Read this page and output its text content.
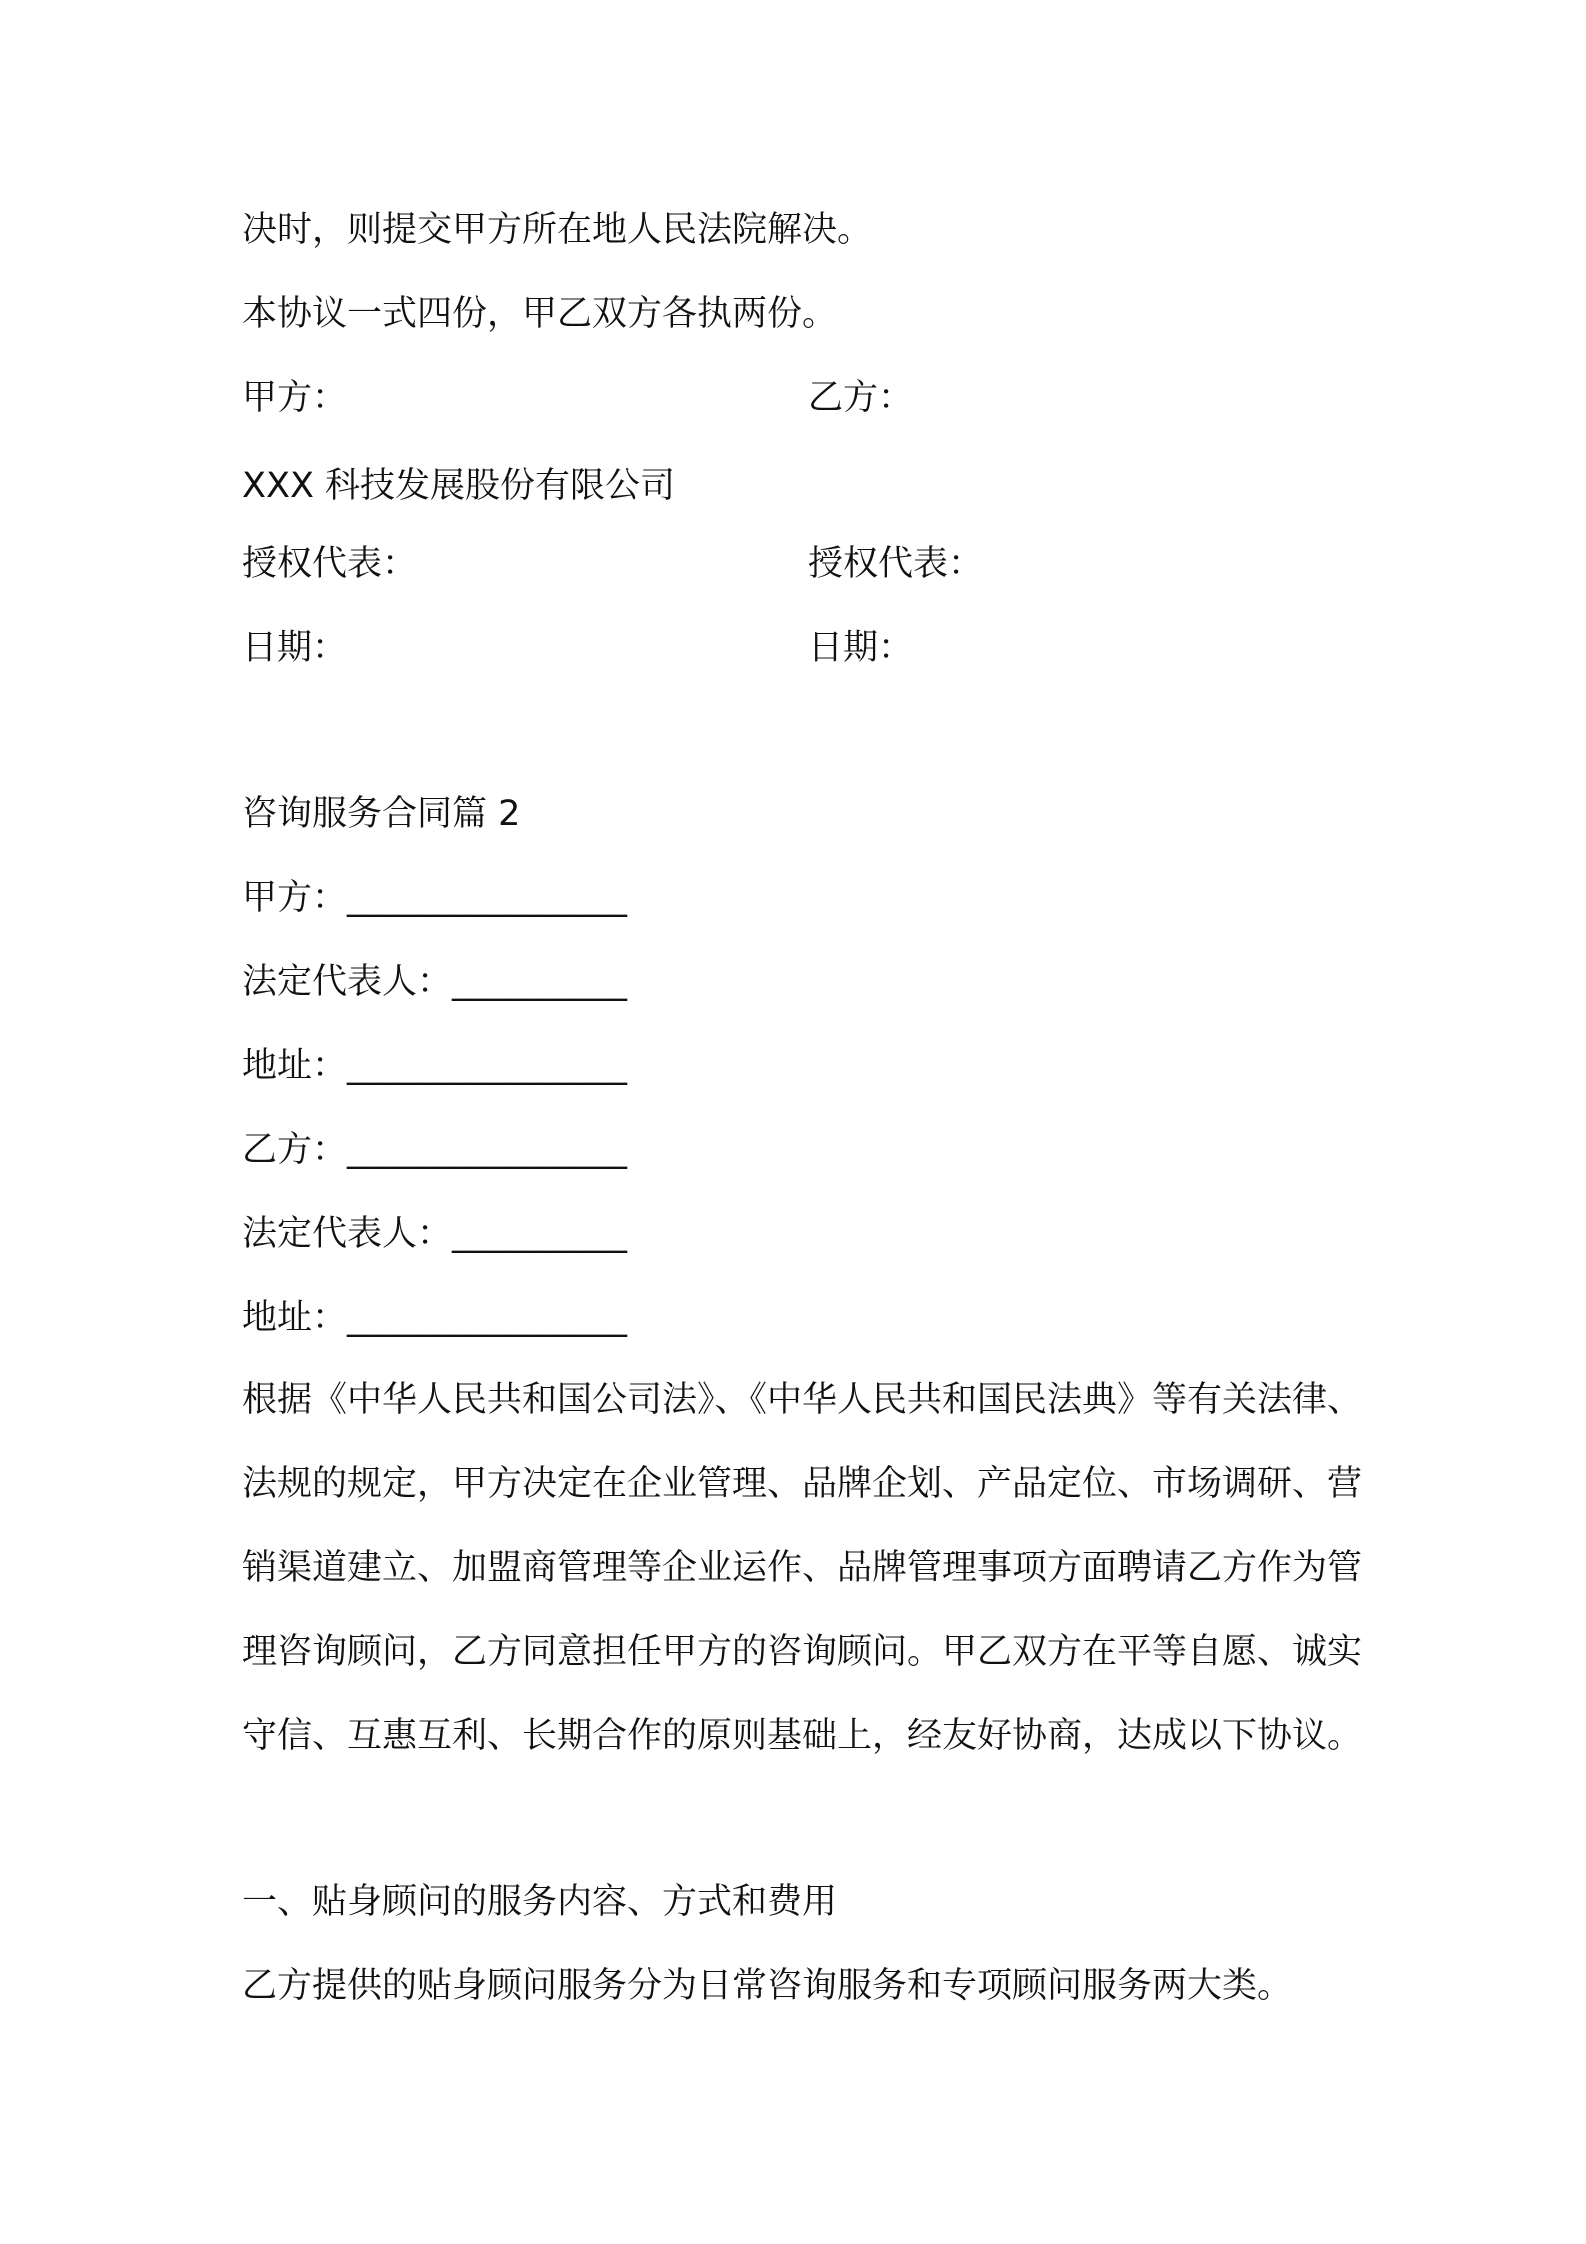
决时，则提交甲方所在地人民法院解决。
本协议一式四份，甲乙双方各执两份。
甲方：	乙方：
XXX 科技发展股份有限公司
授权代表：	授权代表：
日期：	日期：
咨询服务合同篇 2
甲方：________________
法定代表人：__________
地址：________________
乙方：________________
法定代表人：__________
地址：________________
根据《中华人民共和国公司法》、《中华人民共和国民法典》等有关法律、法规的规定，甲方决定在企业管理、品牌企划、产品定位、市场调研、营销渠道建立、加盟商管理等企业运作、品牌管理事项方面聘请乙方作为管理咨询顾问，乙方同意担任甲方的咨询顾问。甲乙双方在平等自愿、诚实守信、互惠互利、长期合作的原则基础上，经友好协商，达成以下协议。
一、贴身顾问的服务内容、方式和费用
乙方提供的贴身顾问服务分为日常咨询服务和专项顾问服务两大类。
